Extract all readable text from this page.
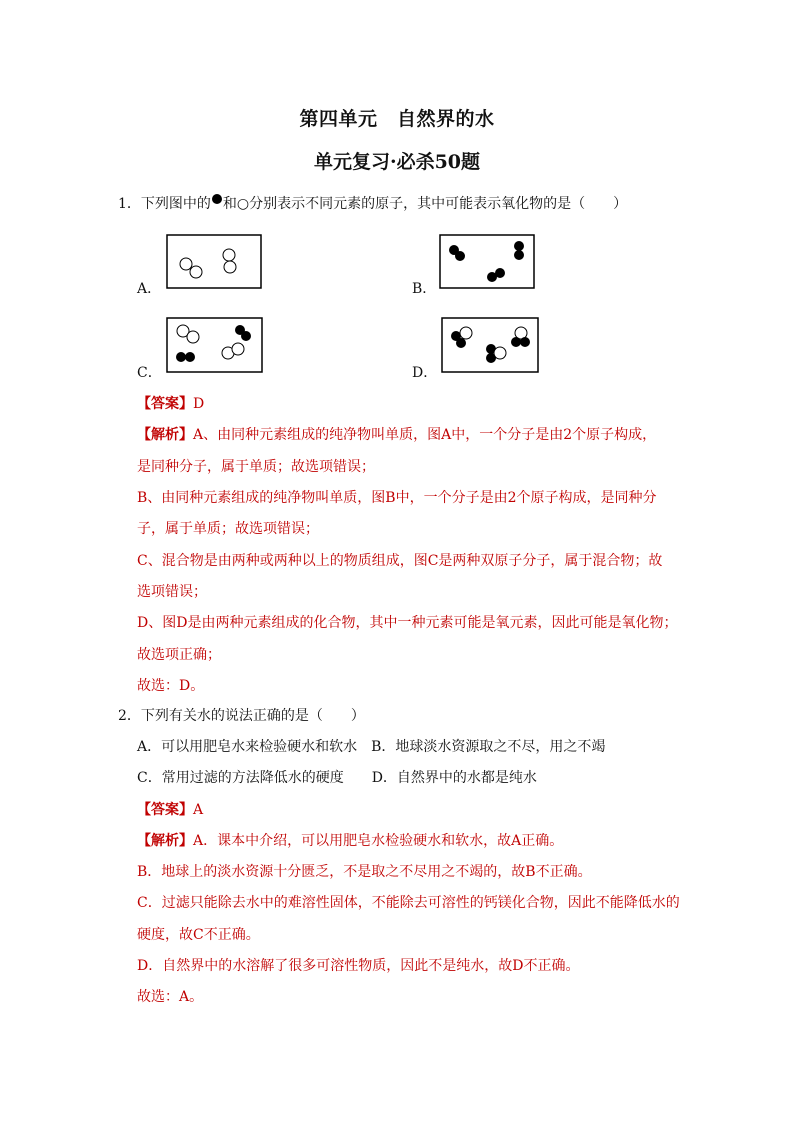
第四单元　自然界的水
单元复习·必杀50题
1．下列图中的 和○分别表示不同元素的原子，其中可能表示氧化物的是（　　）
A．	B．
C．	D．
【答案】D
【解析】A、由同种元素组成的纯净物叫单质，图A中，一个分子是由2个原子构成，
是同种分子，属于单质；故选项错误；
B、由同种元素组成的纯净物叫单质，图B中，一个分子是由2个原子构成，是同种分
子，属于单质；故选项错误；
C、混合物是由两种或两种以上的物质组成，图C是两种双原子分子，属于混合物；故
选项错误；
D、图D是由两种元素组成的化合物，其中一种元素可能是氧元素，因此可能是氧化物；
故选项正确；
故选：D。
2．下列有关水的说法正确的是（　　）
A．可以用肥皂水来检验硬水和软水　B．地球淡水资源取之不尽，用之不竭
C．常用过滤的方法降低水的硬度　　D．自然界中的水都是纯水
【答案】A
【解析】A．课本中介绍，可以用肥皂水检验硬水和软水，故A正确。
B．地球上的淡水资源十分匮乏，不是取之不尽用之不竭的，故B不正确。
C．过滤只能除去水中的难溶性固体，不能除去可溶性的钙镁化合物，因此不能降低水的
硬度，故C不正确。
D．自然界中的水溶解了很多可溶性物质，因此不是纯水，故D不正确。
故选：A。
